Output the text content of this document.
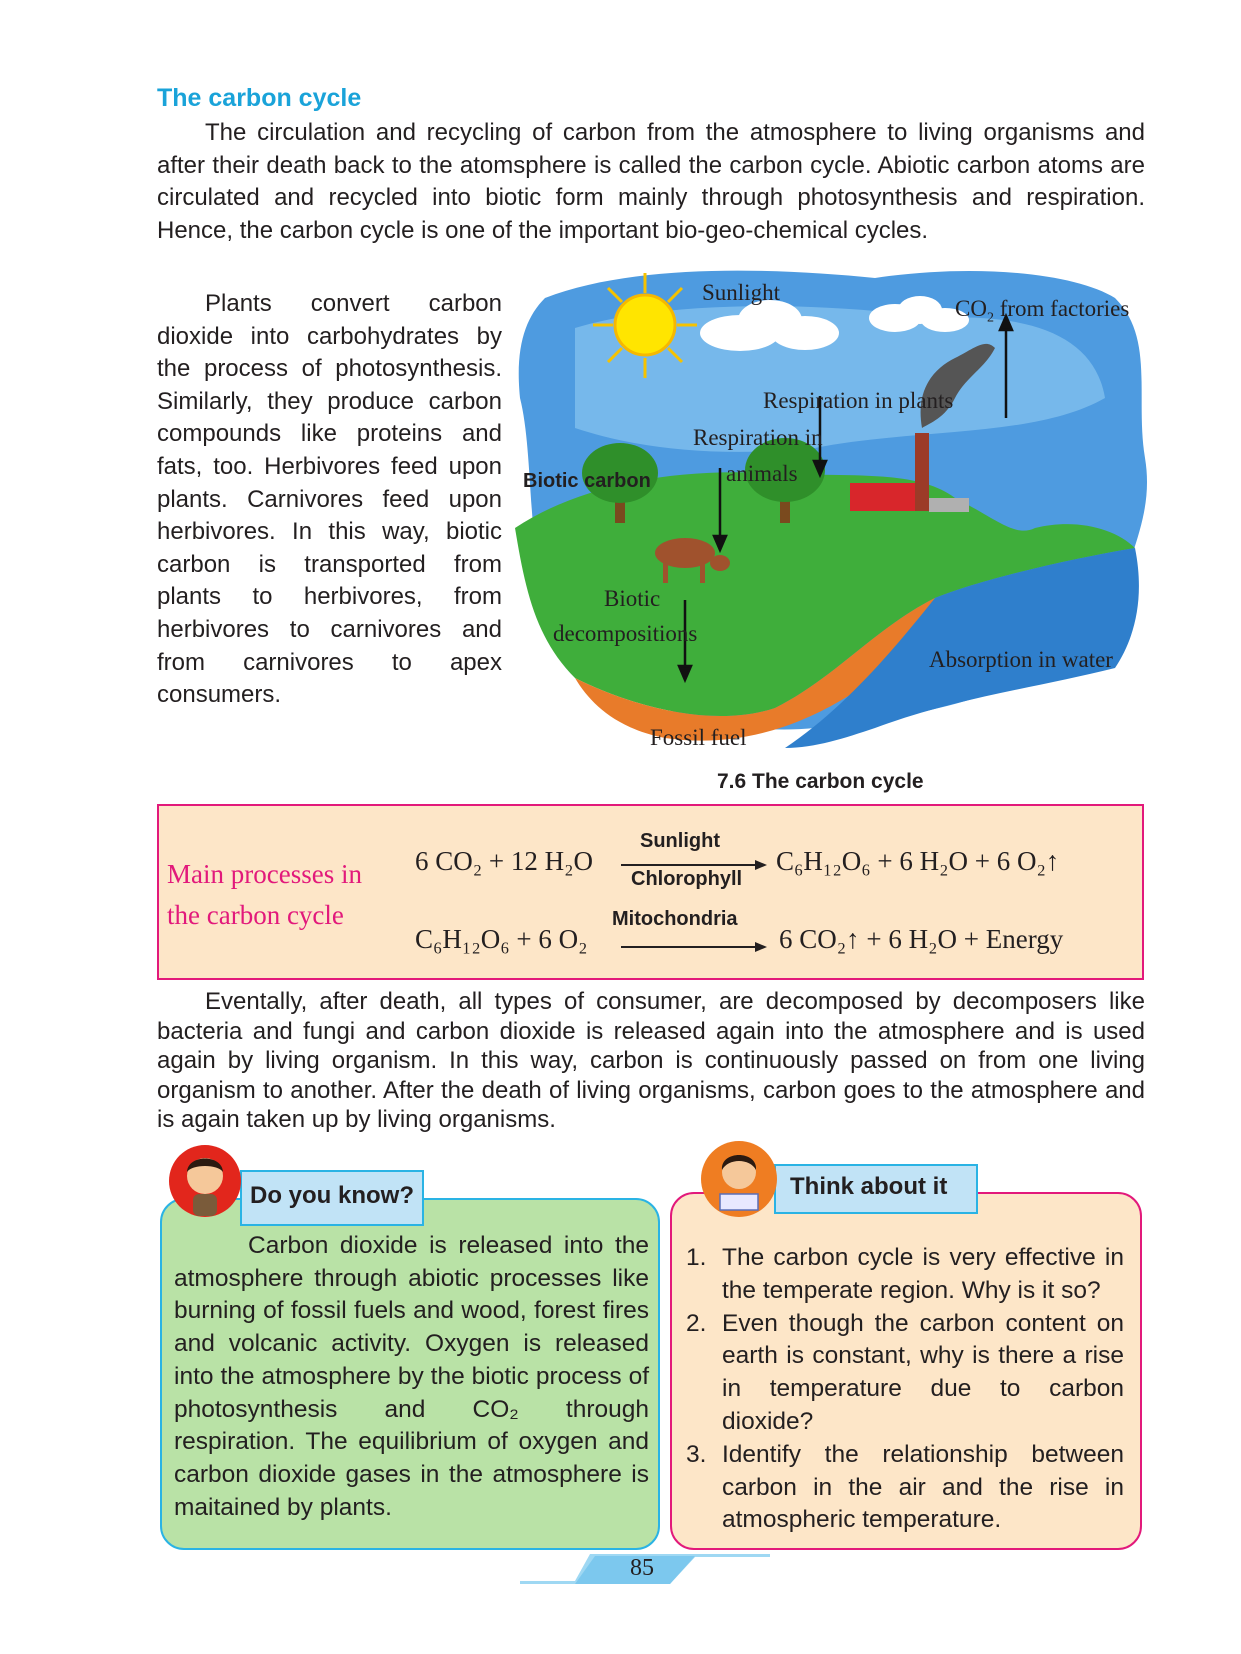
The carbon cycle

The circulation and recycling of carbon from the atmosphere to living organisms and after their death back to the atomsphere is called the carbon cycle. Abiotic carbon atoms are circulated and recycled into biotic form mainly through photosynthesis and respiration. Hence, the carbon cycle is one of the important bio-geo-chemical cycles.

Plants convert carbon dioxide into carbohydrates by the process of photosynthesis. Similarly, they produce carbon compounds like proteins and fats, too. Herbivores feed upon plants. Carnivores feed upon herbivores. In this way, biotic carbon is transported from plants to herbivores, from herbivores to carnivores and from carnivores to apex consumers.

Sunlight
$CO_2$ from factories
Respiration in plants
Respiration in
animals
Biotic carbon
Biotic
decompositions
Absorption in water
Fossil fuel
7.6 The carbon cycle
Main processes in
the carbon cycle
6 CO₂ + 12 H₂O
Sunlight
Chlorophyll
C₆H₁₂O₆ + 6 H₂O + 6 O₂↑
C₆H₁₂O₆ + 6 O₂
Mitochondria
6 CO₂↑ + 6 H₂O + Energy

Eventally, after death, all types of consumer, are decomposed by decomposers like bacteria and fungi and carbon dioxide is released again into the atmosphere and is used again by living organism. In this way, carbon is continuously passed on from one living organism to another. After the death of living organisms, carbon goes to the atmosphere and is again taken up by living organisms.

Do you know?
Carbon dioxide is released into the atmosphere through abiotic processes like burning of fossil fuels and wood, forest fires and volcanic activity. Oxygen is released into the atmosphere by the biotic process of photosynthesis and CO₂ through respiration. The equilibrium of oxygen and carbon dioxide gases in the atmosphere is maitained by plants.
Think about it
1. The carbon cycle is very effective in the temperate region. Why is it so?
2. Even though the carbon content on earth is constant, why is there a rise in temperature due to carbon dioxide?
3. Identify the relationship between carbon in the air and the rise in atmospheric temperature.
85
